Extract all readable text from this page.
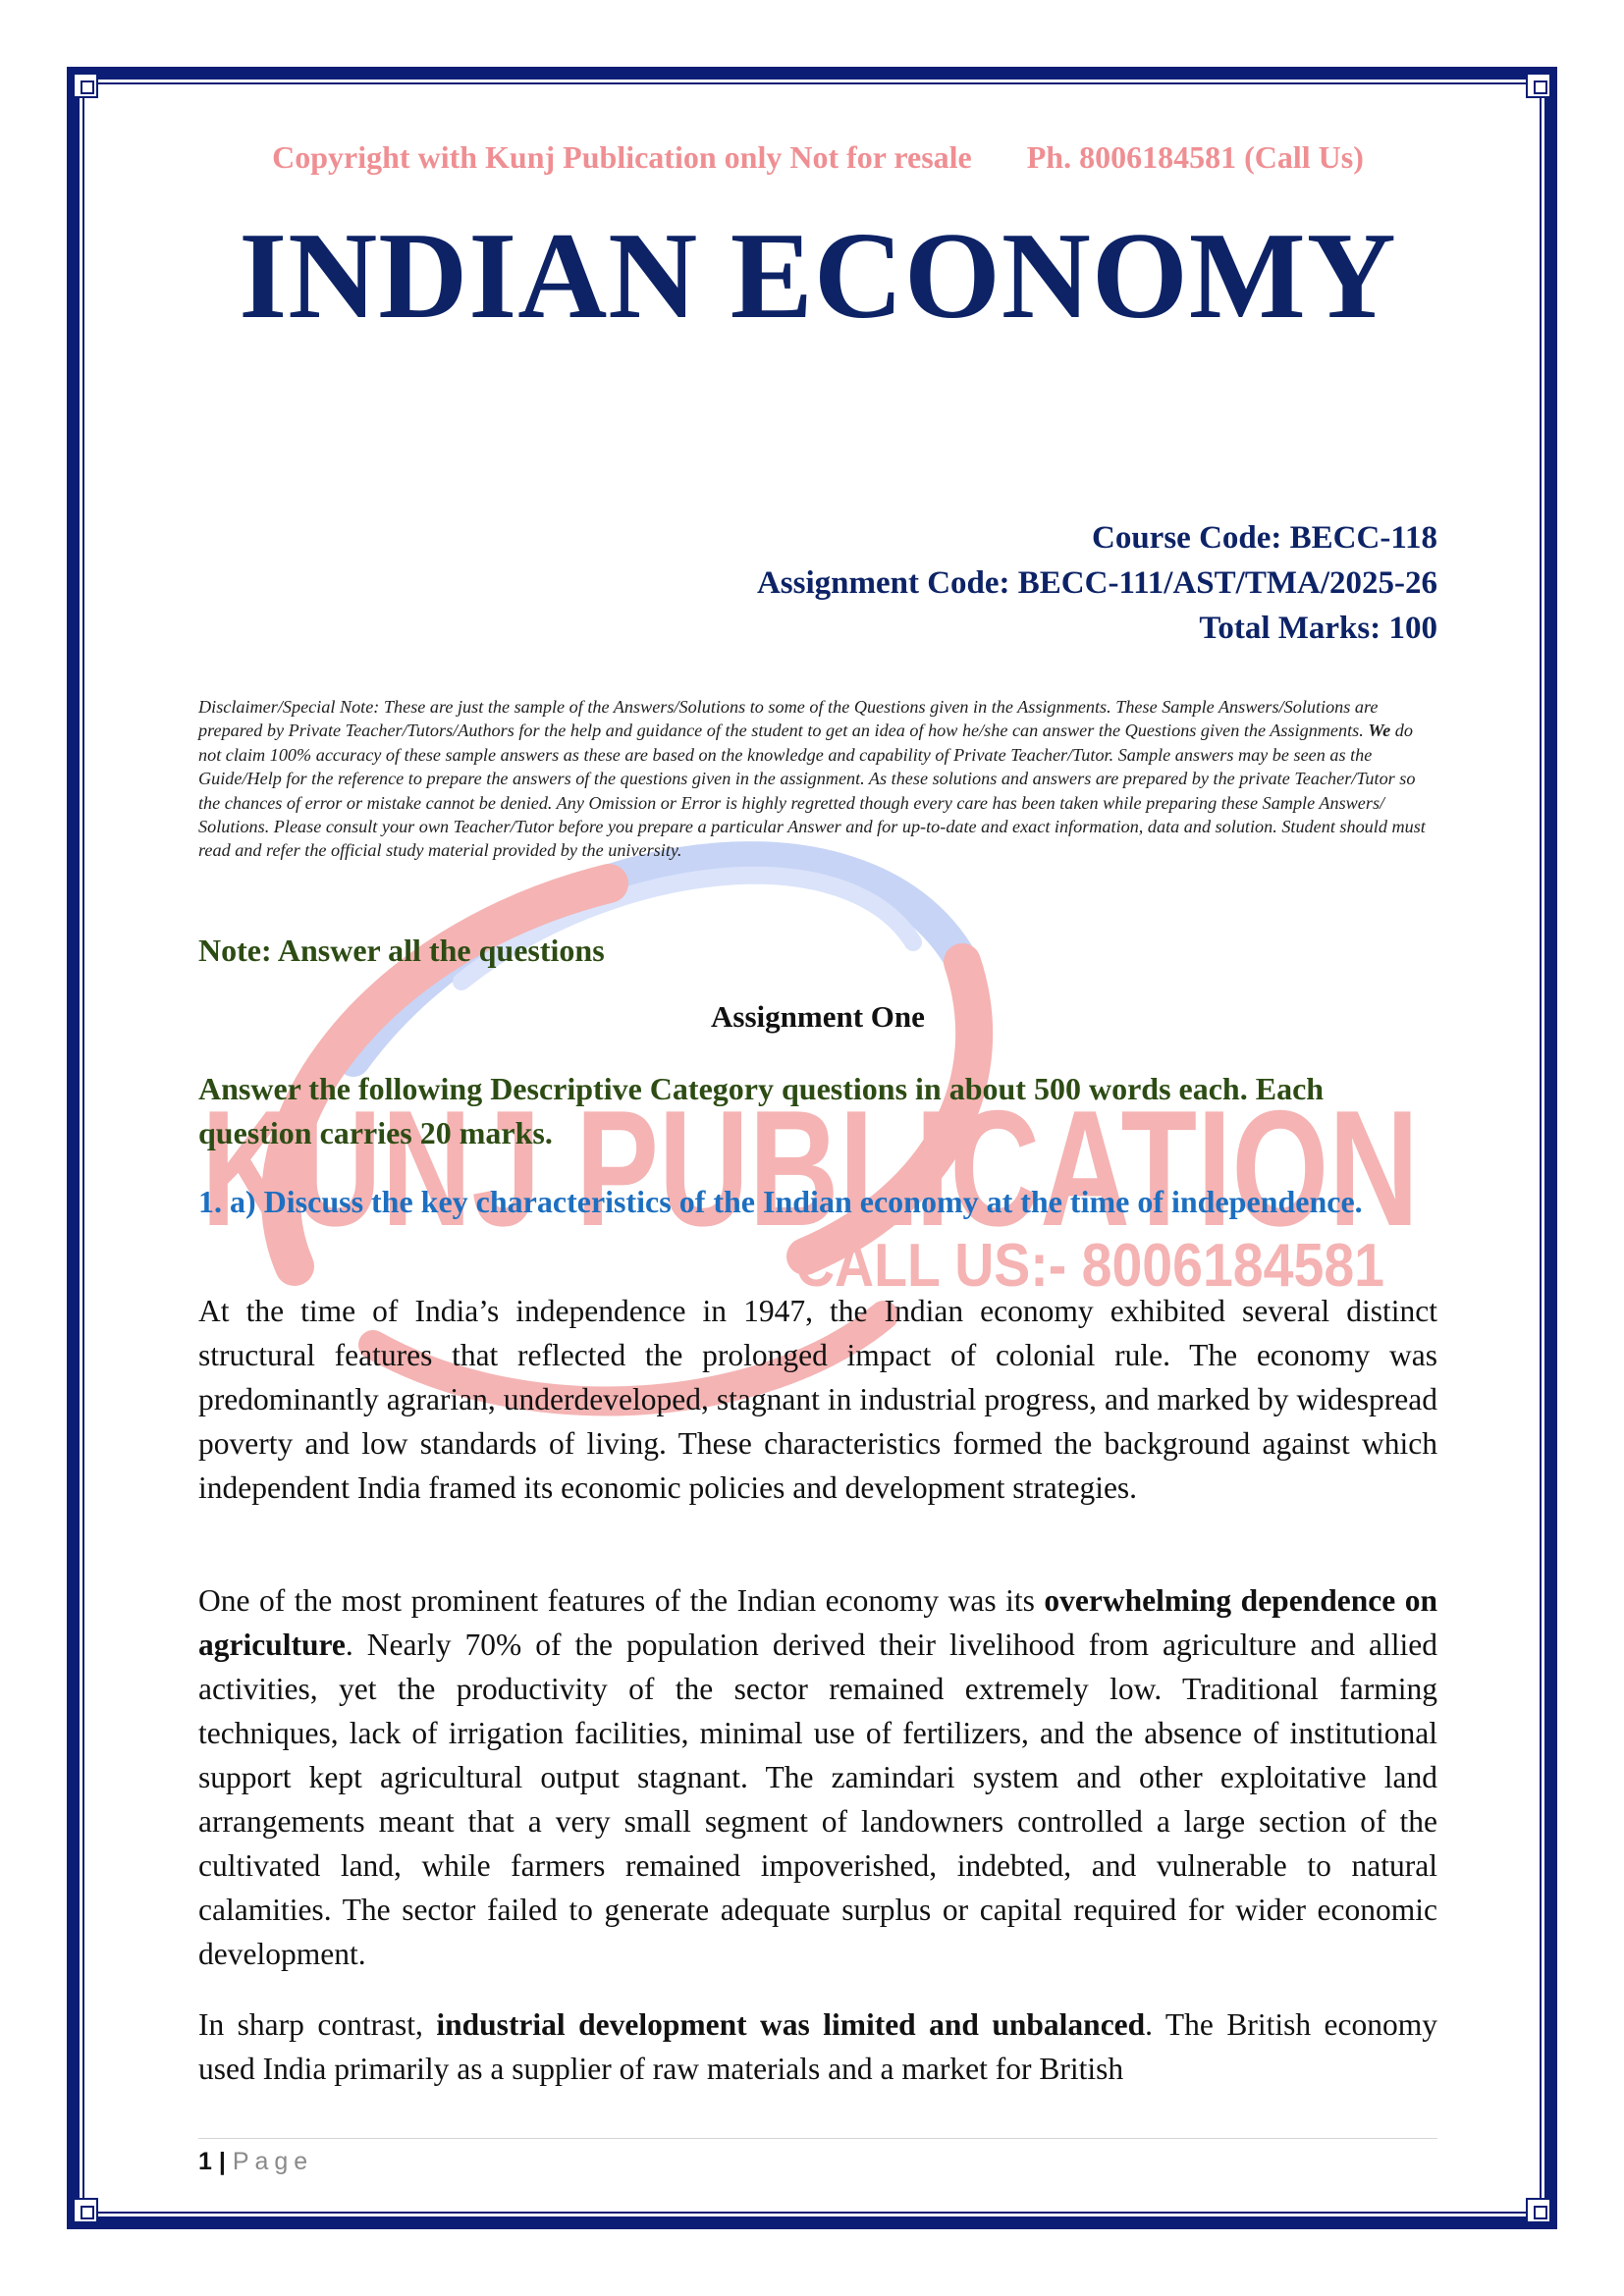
KUNJ PUBLICATION
CALL US:- 8006184581
Copyright with Kunj Publication only Not for resale Ph. 8006184581 (Call Us)
INDIAN ECONOMY
Course Code: BECC-118
Assignment Code: BECC-111/AST/TMA/2025-26
Total Marks: 100
Disclaimer/Special Note: These are just the sample of the Answers/Solutions to some of the Questions given in the Assignments. These Sample Answers/Solutions are prepared by Private Teacher/Tutors/Authors for the help and guidance of the student to get an idea of how he/she can answer the Questions given the Assignments. We do not claim 100% accuracy of these sample answers as these are based on the knowledge and capability of Private Teacher/Tutor. Sample answers may be seen as the Guide/Help for the reference to prepare the answers of the questions given in the assignment. As these solutions and answers are prepared by the private Teacher/Tutor so the chances of error or mistake cannot be denied. Any Omission or Error is highly regretted though every care has been taken while preparing these Sample Answers/ Solutions. Please consult your own Teacher/Tutor before you prepare a particular Answer and for up-to-date and exact information, data and solution. Student should must read and refer the official study material provided by the university.
Note: Answer all the questions
Assignment One
Answer the following Descriptive Category questions in about 500 words each. Each question carries 20 marks.
1. a) Discuss the key characteristics of the Indian economy at the time of independence.
At the time of India’s independence in 1947, the Indian economy exhibited several distinct structural features that reflected the prolonged impact of colonial rule. The economy was predominantly agrarian, underdeveloped, stagnant in industrial progress, and marked by widespread poverty and low standards of living. These characteristics formed the background against which independent India framed its economic policies and development strategies.
One of the most prominent features of the Indian economy was its overwhelming dependence on agriculture. Nearly 70% of the population derived their livelihood from agriculture and allied activities, yet the productivity of the sector remained extremely low. Traditional farming techniques, lack of irrigation facilities, minimal use of fertilizers, and the absence of institutional support kept agricultural output stagnant. The zamindari system and other exploitative land arrangements meant that a very small segment of landowners controlled a large section of the cultivated land, while farmers remained impoverished, indebted, and vulnerable to natural calamities. The sector failed to generate adequate surplus or capital required for wider economic development.
In sharp contrast, industrial development was limited and unbalanced. The British economy used India primarily as a supplier of raw materials and a market for British
1 | Page
